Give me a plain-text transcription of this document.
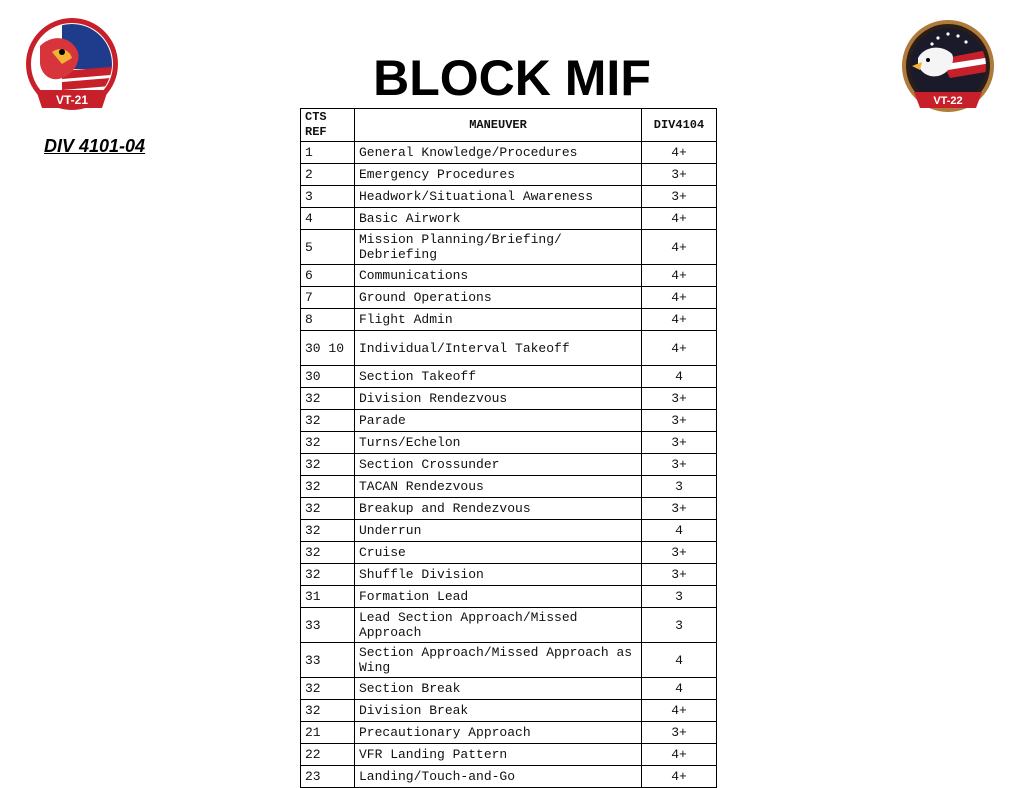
VT-21	BLOCK MIF	VT-22
DIV 4101-04
CTS REF	MANEUVER	DIV4104
1	General Knowledge/Procedures	4+
2	Emergency Procedures	3+
3	Headwork/Situational Awareness	3+
4	Basic Airwork	4+
5	Mission Planning/Briefing/ Debriefing	4+
6	Communications	4+
7	Ground Operations	4+
8	Flight Admin	4+
30 10	Individual/Interval Takeoff	4+
30	Section Takeoff	4
32	Division Rendezvous	3+
32	Parade	3+
32	Turns/Echelon	3+
32	Section Crossunder	3+
32	TACAN Rendezvous	3
32	Breakup and Rendezvous	3+
32	Underrun	4
32	Cruise	3+
32	Shuffle Division	3+
31	Formation Lead	3
33	Lead Section Approach/Missed Approach	3
33	Section Approach/Missed Approach as Wing	4
32	Section Break	4
32	Division Break	4+
21	Precautionary Approach	3+
22	VFR Landing Pattern	4+
23	Landing/Touch-and-Go	4+
